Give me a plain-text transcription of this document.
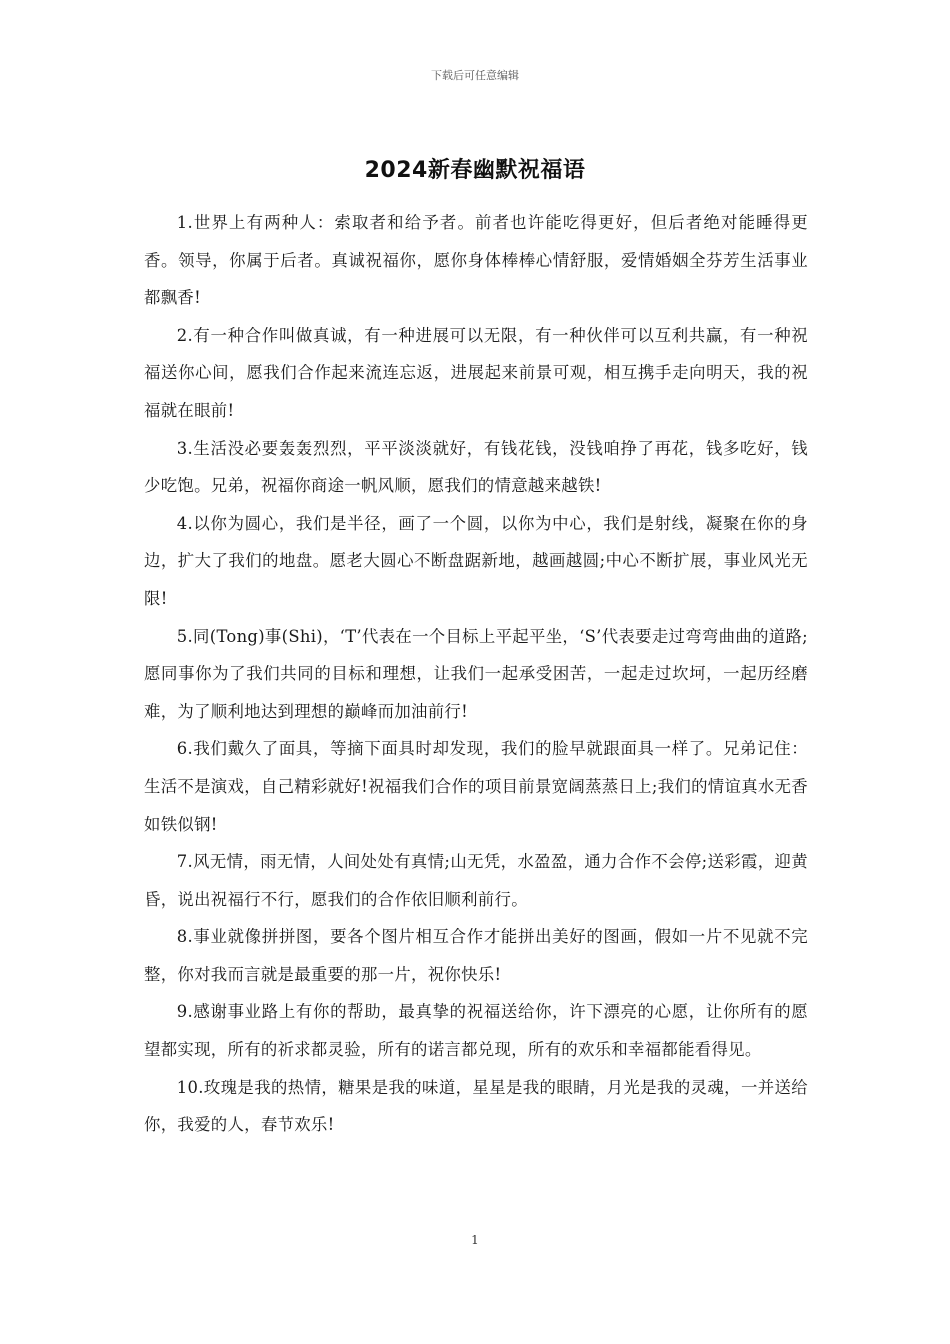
下载后可任意编辑
2024新春幽默祝福语

1.世界上有两种人：索取者和给予者。前者也许能吃得更好，但后者绝对能睡得更香。领导，你属于后者。真诚祝福你，愿你身体棒棒心情舒服，爱情婚姻全芬芳生活事业都飘香!

2.有一种合作叫做真诚，有一种进展可以无限，有一种伙伴可以互利共赢，有一种祝福送你心间，愿我们合作起来流连忘返，进展起来前景可观，相互携手走向明天，我的祝福就在眼前!

3.生活没必要轰轰烈烈，平平淡淡就好，有钱花钱，没钱咱挣了再花，钱多吃好，钱少吃饱。兄弟，祝福你商途一帆风顺，愿我们的情意越来越铁!

4.以你为圆心，我们是半径，画了一个圆，以你为中心，我们是射线，凝聚在你的身边，扩大了我们的地盘。愿老大圆心不断盘踞新地，越画越圆;中心不断扩展，事业风光无限!

5.同(Tong)事(Shi)，‘T’代表在一个目标上平起平坐，‘S’代表要走过弯弯曲曲的道路;愿同事你为了我们共同的目标和理想，让我们一起承受困苦，一起走过坎坷，一起历经磨难，为了顺利地达到理想的巅峰而加油前行!

6.我们戴久了面具，等摘下面具时却发现，我们的脸早就跟面具一样了。兄弟记住：生活不是演戏，自己精彩就好!祝福我们合作的项目前景宽阔蒸蒸日上;我们的情谊真水无香如铁似钢!

7.风无情，雨无情，人间处处有真情;山无凭，水盈盈，通力合作不会停;送彩霞，迎黄昏，说出祝福行不行，愿我们的合作依旧顺利前行。

8.事业就像拼拼图，要各个图片相互合作才能拼出美好的图画，假如一片不见就不完整，你对我而言就是最重要的那一片，祝你快乐!

9.感谢事业路上有你的帮助，最真挚的祝福送给你，许下漂亮的心愿，让你所有的愿望都实现，所有的祈求都灵验，所有的诺言都兑现，所有的欢乐和幸福都能看得见。

10.玫瑰是我的热情，糖果是我的味道，星星是我的眼睛，月光是我的灵魂，一并送给你，我爱的人，春节欢乐!

1
